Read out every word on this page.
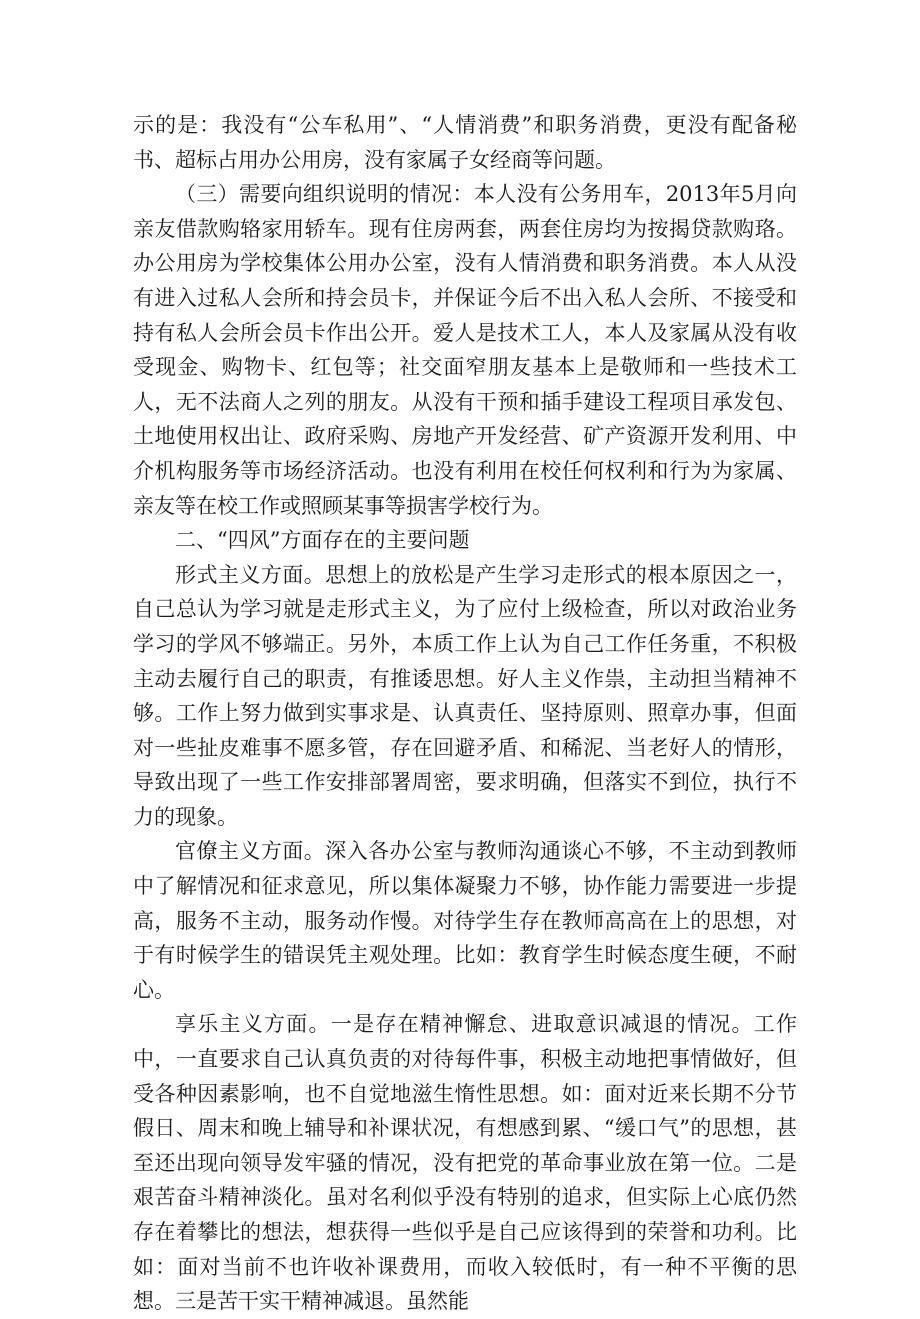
示的是：我没有“公车私用”、“人情消费”和职务消费，更没有配备秘书、超标占用办公用房，没有家属子女经商等问题。

（三）需要向组织说明的情况：本人没有公务用车，2013年5月向亲友借款购辂家用轿车。现有住房两套，两套住房均为按揭贷款购珞。办公用房为学校集体公用办公室，没有人情消费和职务消费。本人从没有进入过私人会所和持会员卡，并保证今后不出入私人会所、不接受和持有私人会所会员卡作出公开。爱人是技术工人，本人及家属从没有收受现金、购物卡、红包等；社交面窄朋友基本上是敬师和一些技术工人，无不法商人之列的朋友。从没有干预和插手建设工程项目承发包、土地使用权出让、政府采购、房地产开发经营、矿产资源开发利用、中介机构服务等市场经济活动。也没有利用在校任何权利和行为为家属、亲友等在校工作或照顾某事等损害学校行为。

二、“四风”方面存在的主要问题

形式主义方面。思想上的放松是产生学习走形式的根本原因之一，自己总认为学习就是走形式主义，为了应付上级检查，所以对政治业务学习的学风不够端正。另外，本质工作上认为自己工作任务重，不积极主动去履行自己的职责，有推诿思想。好人主义作祟，主动担当精神不够。工作上努力做到实事求是、认真责任、坚持原则、照章办事，但面对一些扯皮难事不愿多管，存在回避矛盾、和稀泥、当老好人的情形，导致出现了一些工作安排部署周密，要求明确，但落实不到位，执行不力的现象。

官僚主义方面。深入各办公室与教师沟通谈心不够，不主动到教师中了解情况和征求意见，所以集体凝聚力不够，协作能力需要进一步提高，服务不主动，服务动作慢。对待学生存在教师高高在上的思想，对于有时候学生的错误凭主观处理。比如：教育学生时候态度生硬，不耐心。

享乐主义方面。一是存在精神懈怠、进取意识减退的情况。工作中，一直要求自己认真负责的对待每件事，积极主动地把事情做好，但受各种因素影响，也不自觉地滋生惰性思想。如：面对近来长期不分节假日、周末和晚上辅导和补课状况，有想感到累、“缓口气”的思想，甚至还出现向领导发牢骚的情况，没有把党的革命事业放在第一位。二是艰苦奋斗精神淡化。虽对名利似乎没有特别的追求，但实际上心底仍然存在着攀比的想法，想获得一些似乎是自己应该得到的荣誉和功利。比如：面对当前不也许收补课费用，而收入较低时，有一种不平衡的思想。三是苦干实干精神减退。虽然能
